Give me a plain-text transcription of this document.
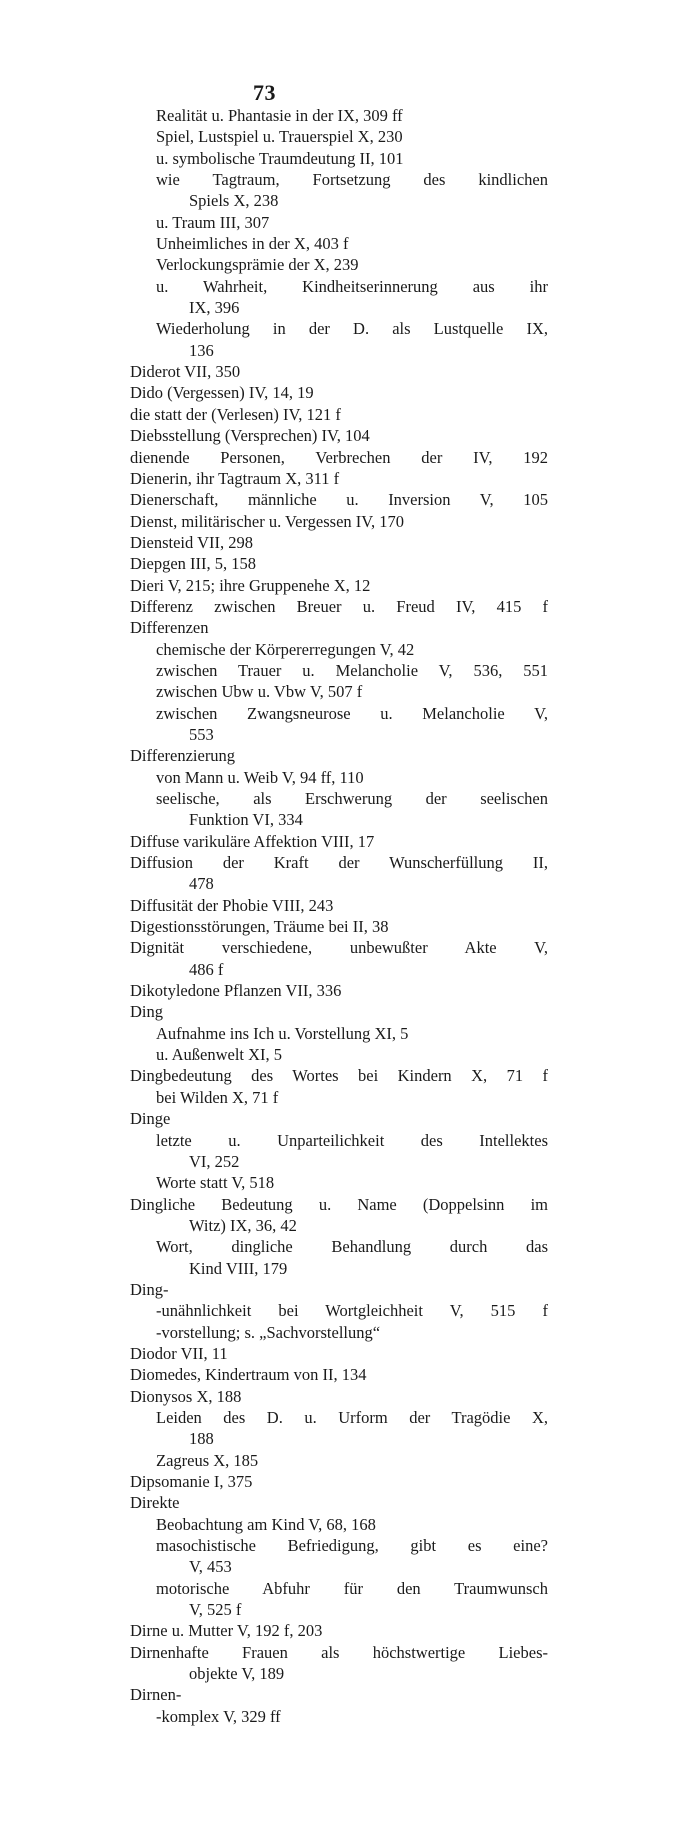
73
Realität u. Phantasie in der IX, 309 ff
Spiel, Lustspiel u. Trauerspiel X, 230
u. symbolische Traumdeutung II, 101
wie Tagtraum, Fortsetzung des kindlichen
Spiels X, 238
u. Traum III, 307
Unheimliches in der X, 403 f
Verlockungsprämie der X, 239
u. Wahrheit, Kindheitserinnerung aus ihr
IX, 396
Wiederholung in der D. als Lustquelle IX,
136
Diderot VII, 350
Dido (Vergessen) IV, 14, 19
die statt der (Verlesen) IV, 121 f
Diebsstellung (Versprechen) IV, 104
dienende Personen, Verbrechen der IV, 192
Dienerin, ihr Tagtraum X, 311 f
Dienerschaft, männliche u. Inversion V, 105
Dienst, militärischer u. Vergessen IV, 170
Diensteid VII, 298
Diepgen III, 5, 158
Dieri V, 215; ihre Gruppenehe X, 12
Differenz zwischen Breuer u. Freud IV, 415 f
Differenzen
chemische der Körpererregungen V, 42
zwischen Trauer u. Melancholie V, 536, 551
zwischen Ubw u. Vbw V, 507 f
zwischen Zwangsneurose u. Melancholie V,
553
Differenzierung
von Mann u. Weib V, 94 ff, 110
seelische, als Erschwerung der seelischen
Funktion VI, 334
Diffuse varikuläre Affektion VIII, 17
Diffusion der Kraft der Wunscherfüllung II,
478
Diffusität der Phobie VIII, 243
Digestionsstörungen, Träume bei II, 38
Dignität verschiedene, unbewußter Akte V,
486 f
Dikotyledone Pflanzen VII, 336
Ding
Aufnahme ins Ich u. Vorstellung XI, 5
u. Außenwelt XI, 5
Dingbedeutung des Wortes bei Kindern X, 71 f
bei Wilden X, 71 f
Dinge
letzte u. Unparteilichkeit des Intellektes
VI, 252
Worte statt V, 518
Dingliche Bedeutung u. Name (Doppelsinn im
Witz) IX, 36, 42
Wort, dingliche Behandlung durch das
Kind VIII, 179
Ding-
-unähnlichkeit bei Wortgleichheit V, 515 f
-vorstellung; s. „Sachvorstellung“
Diodor VII, 11
Diomedes, Kindertraum von II, 134
Dionysos X, 188
Leiden des D. u. Urform der Tragödie X,
188
Zagreus X, 185
Dipsomanie I, 375
Direkte
Beobachtung am Kind V, 68, 168
masochistische Befriedigung, gibt es eine?
V, 453
motorische Abfuhr für den Traumwunsch
V, 525 f
Dirne u. Mutter V, 192 f, 203
Dirnenhafte Frauen als höchstwertige Liebes-
objekte V, 189
Dirnen-
-komplex V, 329 ff
